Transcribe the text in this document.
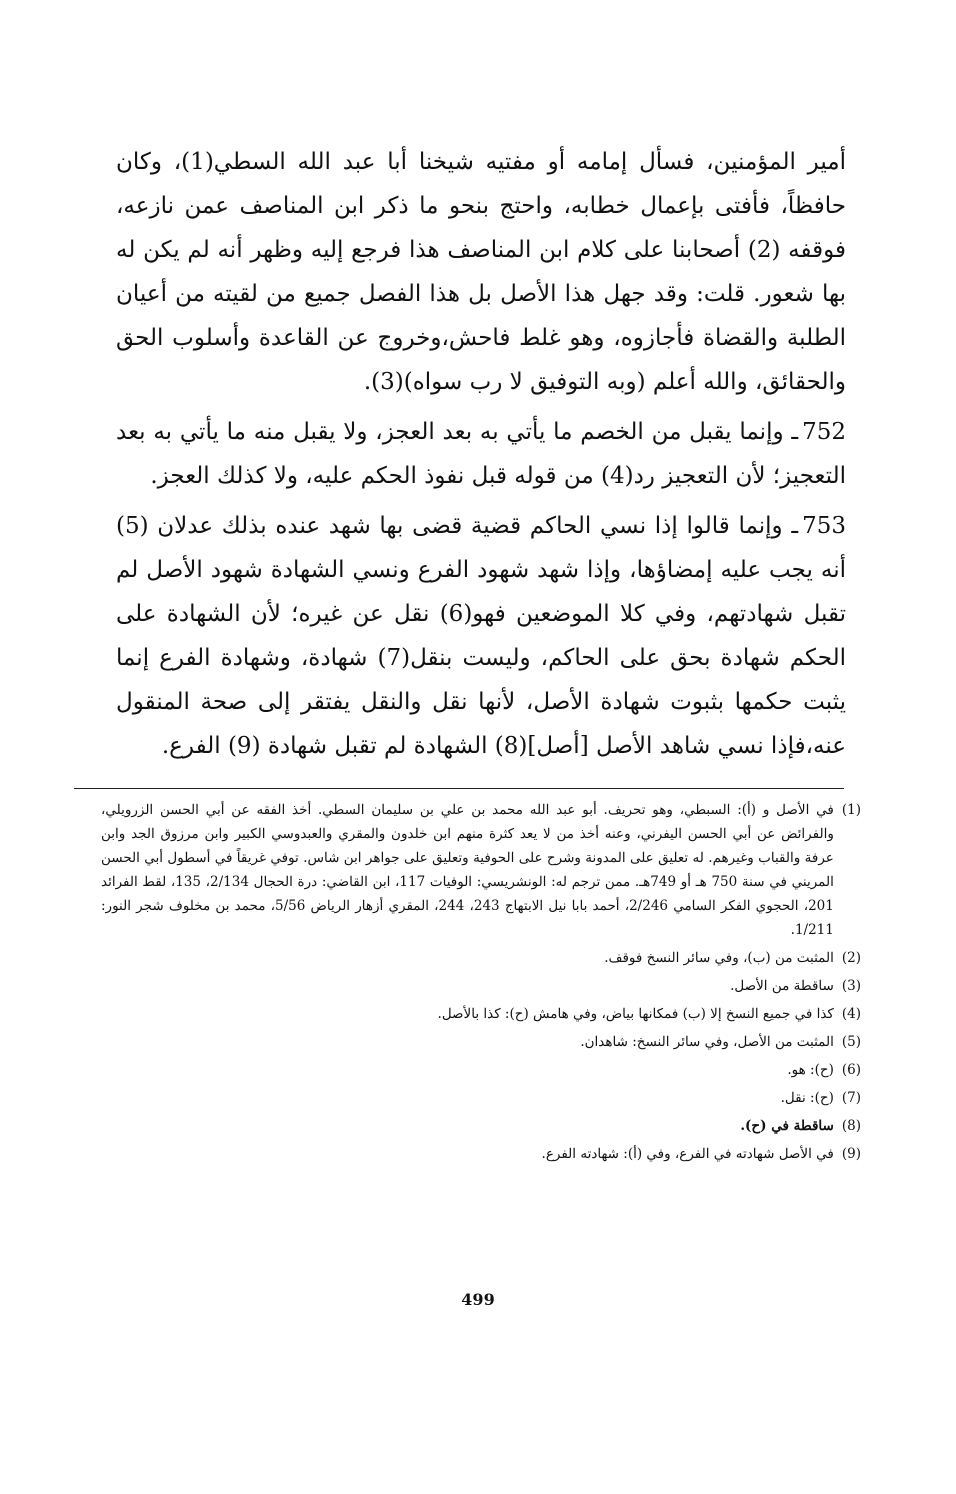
أمير المؤمنين، فسأل إمامه أو مفتيه شيخنا أبا عبد الله السطي(1)، وكان حافظاً، فأفتى بإعمال خطابه، واحتج بنحو ما ذكر ابن المناصف عمن نازعه، فوقفه (2) أصحابنا على كلام ابن المناصف هذا فرجع إليه وظهر أنه لم يكن له بها شعور. قلت: وقد جهل هذا الأصل بل هذا الفصل جميع من لقيته من أعيان الطلبة والقضاة فأجازوه، وهو غلط فاحش،وخروج عن القاعدة وأسلوب الحق والحقائق، والله أعلم (وبه التوفيق لا رب سواه)(3).

752ـ وإنما يقبل من الخصم ما يأتي به بعد العجز، ولا يقبل منه ما يأتي به بعد التعجيز؛ لأن التعجيز رد(4) من قوله قبل نفوذ الحكم عليه، ولا كذلك العجز.

753ـ وإنما قالوا إذا نسي الحاكم قضية قضى بها شهد عنده بذلك عدلان (5) أنه يجب عليه إمضاؤها، وإذا شهد شهود الفرع ونسي الشهادة شهود الأصل لم تقبل شهادتهم، وفي كلا الموضعين فهو(6) نقل عن غيره؛ لأن الشهادة على الحكم شهادة بحق على الحاكم، وليست بنقل(7) شهادة، وشهادة الفرع إنما يثبت حكمها بثبوت شهادة الأصل، لأنها نقل والنقل يفتقر إلى صحة المنقول عنه،فإذا نسي شاهد الأصل [أصل](8) الشهادة لم تقبل شهادة (9) الفرع.

(1)
في الأصل و (أ): السبطي، وهو تحريف. أبو عبد الله محمد بن علي بن سليمان السطي. أخذ الفقه عن أبي الحسن الزرويلي، والفرائض عن أبي الحسن اليفرني، وعنه أخذ من لا يعد كثرة منهم ابن خلدون والمقري والعبدوسي الكبير وابن مرزوق الجد وابن عرفة والقباب وغيرهم. له تعليق على المدونة وشرح على الحوفية وتعليق على جواهر ابن شاس. توفي غريقاً في أسطول أبي الحسن المريني في سنة 750 هـ أو 749هـ. ممن ترجم له: الونشريسي: الوفيات 117، ابن القاضي: درة الحجال 2/134، 135، لقط الفرائد 201، الحجوي الفكر السامي 2/246، أحمد بابا نيل الابتهاج 243، 244، المقري أزهار الرياض 5/56، محمد بن مخلوف شجر النور: 1/211.
(2)
المثبت من (ب)، وفي سائر النسخ فوقف.
(3)
ساقطة من الأصل.
(4)
كذا في جميع النسخ إلا (ب) فمكانها بياض، وفي هامش (ح): كذا بالأصل.
(5)
المثبت من الأصل، وفي سائر النسخ: شاهدان.
(6)
(ح): هو.
(7)
(ح): نقل.
(8)
ساقطة في (ح).
(9)
في الأصل شهادته في الفرع، وفي (أ): شهادته الفرع.
499
